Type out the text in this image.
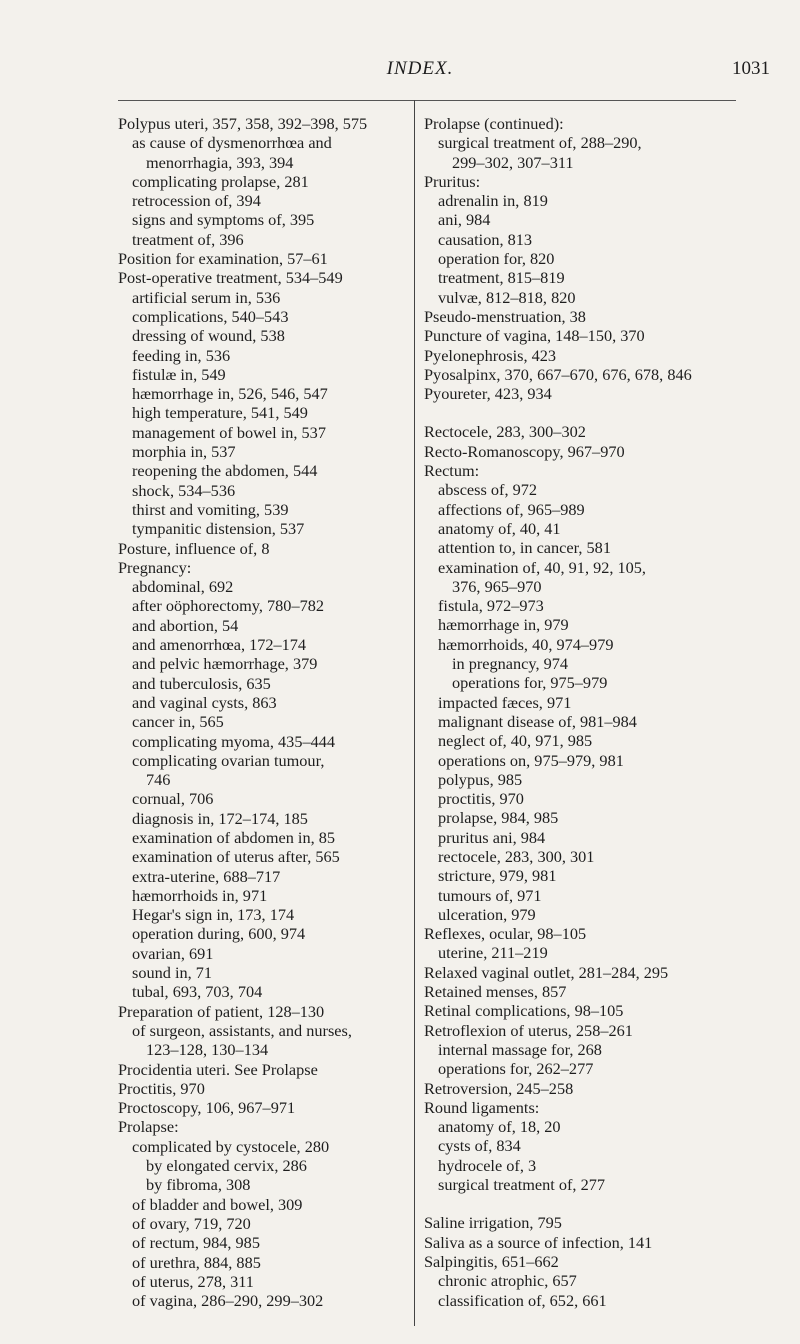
INDEX.	1031
Polypus uteri, 357, 358, 392–398, 575
as cause of dysmenorrhœa and
menorrhagia, 393, 394
complicating prolapse, 281
retrocession of, 394
signs and symptoms of, 395
treatment of, 396
Position for examination, 57–61
Post-operative treatment, 534–549
artificial serum in, 536
complications, 540–543
dressing of wound, 538
feeding in, 536
fistulæ in, 549
hæmorrhage in, 526, 546, 547
high temperature, 541, 549
management of bowel in, 537
morphia in, 537
reopening the abdomen, 544
shock, 534–536
thirst and vomiting, 539
tympanitic distension, 537
Posture, influence of, 8
Pregnancy:
abdominal, 692
after oöphorectomy, 780–782
and abortion, 54
and amenorrhœa, 172–174
and pelvic hæmorrhage, 379
and tuberculosis, 635
and vaginal cysts, 863
cancer in, 565
complicating myoma, 435–444
complicating ovarian tumour,
746
cornual, 706
diagnosis in, 172–174, 185
examination of abdomen in, 85
examination of uterus after, 565
extra-uterine, 688–717
hæmorrhoids in, 971
Hegar's sign in, 173, 174
operation during, 600, 974
ovarian, 691
sound in, 71
tubal, 693, 703, 704
Preparation of patient, 128–130
of surgeon, assistants, and nurses,
123–128, 130–134
Procidentia uteri. See Prolapse
Proctitis, 970
Proctoscopy, 106, 967–971
Prolapse:
complicated by cystocele, 280
by elongated cervix, 286
by fibroma, 308
of bladder and bowel, 309
of ovary, 719, 720
of rectum, 984, 985
of urethra, 884, 885
of uterus, 278, 311
of vagina, 286–290, 299–302
Prolapse (continued):
surgical treatment of, 288–290,
299–302, 307–311
Pruritus:
adrenalin in, 819
ani, 984
causation, 813
operation for, 820
treatment, 815–819
vulvæ, 812–818, 820
Pseudo-menstruation, 38
Puncture of vagina, 148–150, 370
Pyelonephrosis, 423
Pyosalpinx, 370, 667–670, 676, 678, 846
Pyoureter, 423, 934
Rectocele, 283, 300–302
Recto-Romanoscopy, 967–970
Rectum:
abscess of, 972
affections of, 965–989
anatomy of, 40, 41
attention to, in cancer, 581
examination of, 40, 91, 92, 105,
376, 965–970
fistula, 972–973
hæmorrhage in, 979
hæmorrhoids, 40, 974–979
in pregnancy, 974
operations for, 975–979
impacted fæces, 971
malignant disease of, 981–984
neglect of, 40, 971, 985
operations on, 975–979, 981
polypus, 985
proctitis, 970
prolapse, 984, 985
pruritus ani, 984
rectocele, 283, 300, 301
stricture, 979, 981
tumours of, 971
ulceration, 979
Reflexes, ocular, 98–105
uterine, 211–219
Relaxed vaginal outlet, 281–284, 295
Retained menses, 857
Retinal complications, 98–105
Retroflexion of uterus, 258–261
internal massage for, 268
operations for, 262–277
Retroversion, 245–258
Round ligaments:
anatomy of, 18, 20
cysts of, 834
hydrocele of, 3
surgical treatment of, 277
Saline irrigation, 795
Saliva as a source of infection, 141
Salpingitis, 651–662
chronic atrophic, 657
classification of, 652, 661
